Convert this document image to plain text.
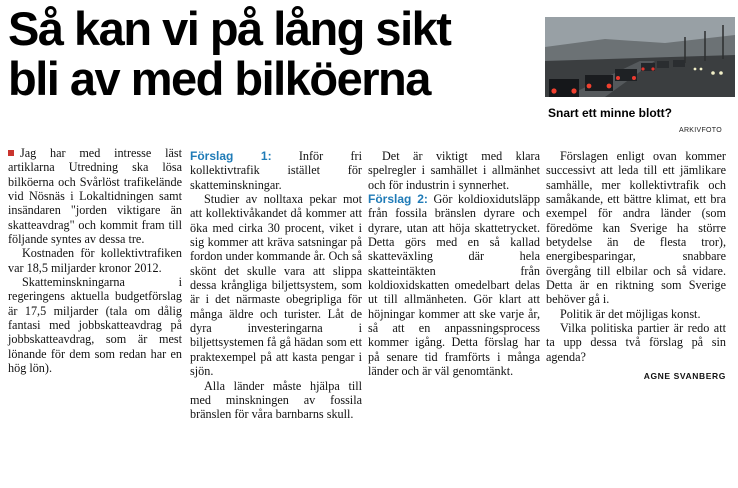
Så kan vi på lång sikt
bli av med bilköerna

Snart ett minne blott?

ARKIVFOTO

Jag har med intresse läst artiklarna Utredning ska lösa bilköerna och Svårlöst trafikelände vid Nösnäs i Lokaltidningen samt insändaren "jorden viktigare än skatteavdrag" och kommit fram till följande syntes av dessa tre.

Kostnaden för kollektivtrafiken var 18,5 miljarder kronor 2012.

Skatteminskningarna i regeringens aktuella budgetförslag är 17,5 miljarder (tala om dålig fantasi med jobbskatteavdrag på jobbskatteavdrag, som är mest lönande för dem som redan har en hög lön).

Förslag 1: Inför fri kollektivtrafik istället för skatteminskningar.

Studier av nolltaxa pekar mot att kollektivåkandet då kommer att öka med cirka 30 procent, viket i sig kommer att kräva satsningar på fordon under kommande år. Och så skönt det skulle vara att slippa dessa krångliga biljettsystem, som är i det närmaste obegripliga för många äldre och turister. Låt de dyra investeringarna i biljettsystemen få gå hädan som ett praktexempel på att kasta pengar i sjön.

Alla länder måste hjälpa till med minskningen av fossila bränslen för våra barnbarns skull.

Det är viktigt med klara spelregler i samhället i allmänhet och för industrin i synnerhet.

Förslag 2: Gör koldioxidutsläpp från fossila bränslen dyrare och dyrare, utan att höja skattetrycket. Detta görs med en så kallad skatteväxling där hela skatteintäkten från koldioxidskatten omedelbart delas ut till allmänheten. Gör klart att höjningar kommer att ske varje år, så att en anpassningsprocess kommer igång. Detta förslag har på senare tid framförts i många länder och är väl genomtänkt.

Förslagen enligt ovan kommer successivt att leda till ett jämlikare samhälle, mer kollektivtrafik och samåkande, ett bättre klimat, ett bra exempel för andra länder (som föredöme kan Sverige ha större betydelse än de flesta tror), energibesparingar, snabbare övergång till elbilar och så vidare. Detta är en riktning som Sverige behöver gå i.

Politik är det möjligas konst.

Vilka politiska partier är redo att ta upp dessa två förslag på sin agenda?

AGNE SVANBERG
